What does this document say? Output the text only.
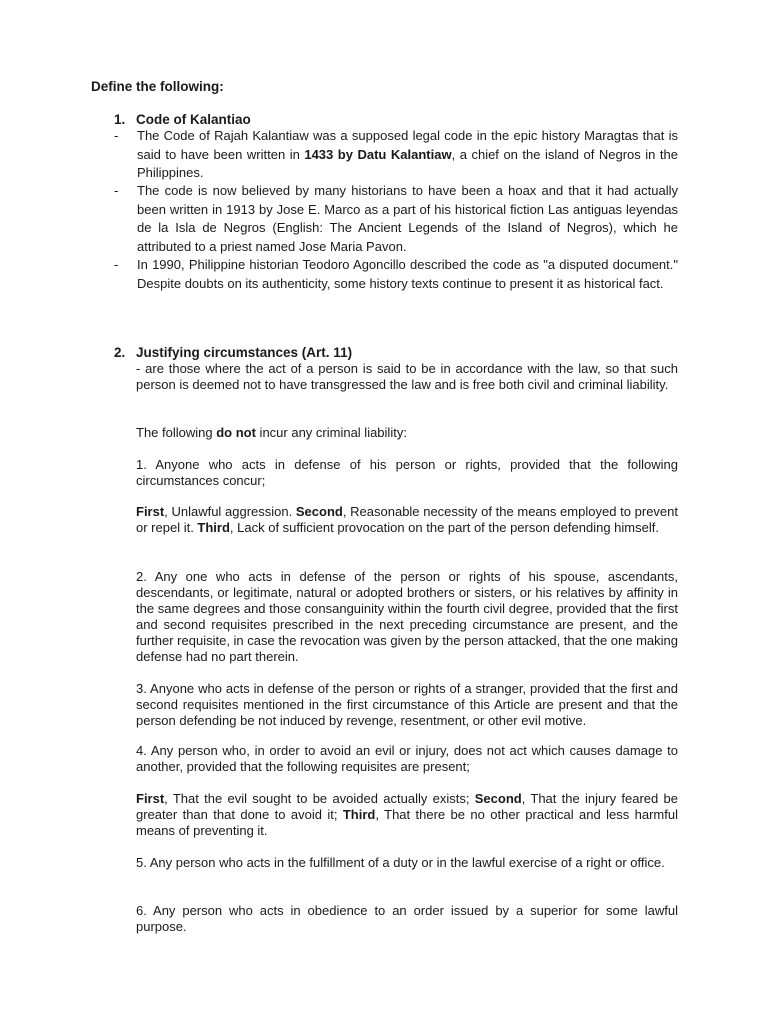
Define the following:
1. Code of Kalantiao
- The Code of Rajah Kalantiaw was a supposed legal code in the epic history Maragtas that is said to have been written in 1433 by Datu Kalantiaw, a chief on the island of Negros in the Philippines.
- The code is now believed by many historians to have been a hoax and that it had actually been written in 1913 by Jose E. Marco as a part of his historical fiction Las antiguas leyendas de la Isla de Negros (English: The Ancient Legends of the Island of Negros), which he attributed to a priest named Jose Maria Pavon.
- In 1990, Philippine historian Teodoro Agoncillo described the code as "a disputed document." Despite doubts on its authenticity, some history texts continue to present it as historical fact.
2. Justifying circumstances (Art. 11)
- are those where the act of a person is said to be in accordance with the law, so that such person is deemed not to have transgressed the law and is free both civil and criminal liability.
The following do not incur any criminal liability:
1. Anyone who acts in defense of his person or rights, provided that the following circumstances concur;
First, Unlawful aggression. Second, Reasonable necessity of the means employed to prevent or repel it. Third, Lack of sufficient provocation on the part of the person defending himself.
2. Any one who acts in defense of the person or rights of his spouse, ascendants, descendants, or legitimate, natural or adopted brothers or sisters, or his relatives by affinity in the same degrees and those consanguinity within the fourth civil degree, provided that the first and second requisites prescribed in the next preceding circumstance are present, and the further requisite, in case the revocation was given by the person attacked, that the one making defense had no part therein.
3. Anyone who acts in defense of the person or rights of a stranger, provided that the first and second requisites mentioned in the first circumstance of this Article are present and that the person defending be not induced by revenge, resentment, or other evil motive.
4. Any person who, in order to avoid an evil or injury, does not act which causes damage to another, provided that the following requisites are present;
First, That the evil sought to be avoided actually exists; Second, That the injury feared be greater than that done to avoid it; Third, That there be no other practical and less harmful means of preventing it.
5. Any person who acts in the fulfillment of a duty or in the lawful exercise of a right or office.
6. Any person who acts in obedience to an order issued by a superior for some lawful purpose.
